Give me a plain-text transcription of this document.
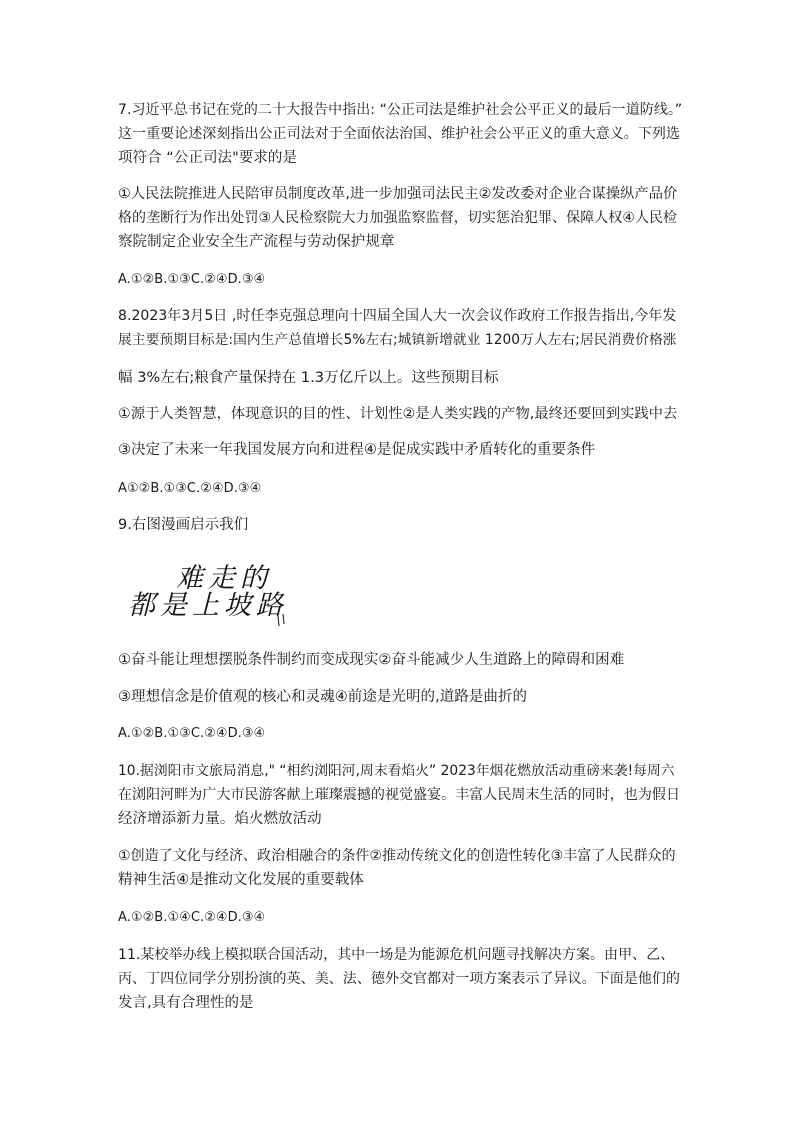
7.习近平总书记在党的二十大报告中指出: “公正司法是维护社会公平正义的最后一道防线。”
这一重要论述深刻指出公正司法对于全面依法治国、维护社会公平正义的重大意义。下列选
项符合 “公正司法"要求的是
①人民法院推进人民陪审员制度改革,进一步加强司法民主②发改委对企业合谋操纵产品价
格的垄断行为作出处罚③人民检察院大力加强监察监督，切实惩治犯罪、保障人权④人民检
察院制定企业安全生产流程与劳动保护规章
A.①②B.①③C.②④D.③④
8.2023年3月5日 ,时任李克强总理向十四届全国人大一次会议作政府工作报告指出,今年发
展主要预期目标是:国内生产总值增长5%左右;城镇新增就业 1200万人左右;居民消费价格涨
幅 3%左右;粮食产量保持在 1.3万亿斤以上。这些预期目标
①源于人类智慧，体现意识的目的性、计划性②是人类实践的产物,最终还要回到实践中去
③决定了未来一年我国发展方向和进程④是促成实践中矛盾转化的重要条件
A①②B.①③C.②④D.③④
9.右图漫画启示我们
难走的
都是上坡路
①奋斗能让理想摆脱条件制约而变成现实②奋斗能减少人生道路上的障碍和困难
③理想信念是价值观的核心和灵魂④前途是光明的,道路是曲折的
A.①②B.①③C.②④D.③④
10.据浏阳市文旅局消息," “相约浏阳河,周末看焰火” 2023年烟花燃放活动重磅来袭!每周六
在浏阳河畔为广大市民游客献上璀璨震撼的视觉盛宴。丰富人民周末生活的同时，也为假日
经济增添新力量。焰火燃放活动
①创造了文化与经济、政治相融合的条件②推动传统文化的创造性转化③丰富了人民群众的
精神生活④是推动文化发展的重要载体
A.①②B.①④C.②④D.③④
11.某校举办线上模拟联合国活动，其中一场是为能源危机问题寻找解决方案。由甲、乙、
丙、丁四位同学分别扮演的英、美、法、德外交官都对一项方案表示了异议。下面是他们的
发言,具有合理性的是
